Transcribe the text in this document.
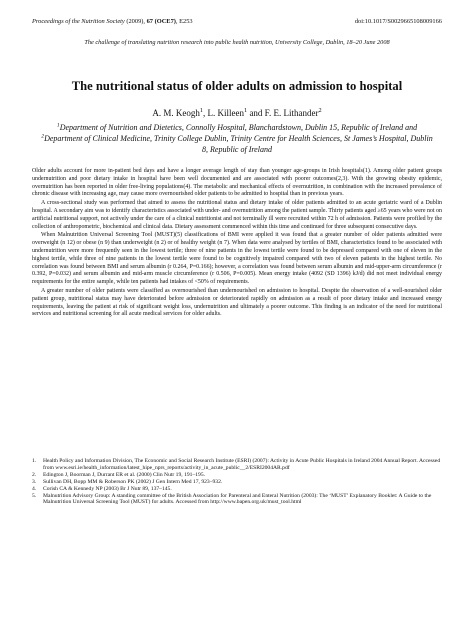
Proceedings of the Nutrition Society (2009), 67 (OCE7), E253	doi:10.1017/S0029665108009166
The challenge of translating nutrition research into public health nutrition, University College, Dublin, 18–20 June 2008
The nutritional status of older adults on admission to hospital
A. M. Keogh$^1$, L. Killeen$^1$ and F. E. Lithander$^2$
$^1$Department of Nutrition and Dietetics, Connolly Hospital, Blanchardstown, Dublin 15, Republic of Ireland and
$^2$Department of Clinical Medicine, Trinity College Dublin, Trinity Centre for Health Sciences, St James’s Hospital, Dublin 8, Republic of Ireland

Older adults account for more in-patient bed days and have a longer average length of stay than younger age-groups in Irish hospitals(1). Among older patient groups undernutrition and poor dietary intake in hospital have been well documented and are associated with poorer outcomes(2,3). With the growing obesity epidemic, overnutrition has been reported in older free-living populations(4). The metabolic and mechanical effects of overnutrition, in combination with the increased prevalence of chronic disease with increasing age, may cause more overnourished older patients to be admitted to hospital than in previous years.

A cross-sectional study was performed that aimed to assess the nutritional status and dietary intake of older patients admitted to an acute geriatric ward of a Dublin hospital. A secondary aim was to identify characteristics associated with under- and overnutrition among the patient sample. Thirty patients aged ≥65 years who were not on artificial nutritional support, not actively under the care of a clinical nutritionist and not terminally ill were recruited within 72 h of admission. Patients were profiled by the collection of anthropometric, biochemical and clinical data. Dietary assessment commenced within this time and continued for three subsequent consecutive days.

When Malnutrition Universal Screening Tool (MUST)(5) classifications of BMI were applied it was found that a greater number of older patients admitted were overweight (n 12) or obese (n 9) than underweight (n 2) or of healthy weight (n 7). When data were analysed by tertiles of BMI, characteristics found to be associated with undernutrition were more frequently seen in the lowest tertile; three of nine patients in the lowest tertile were found to be depressed compared with one of eleven in the highest tertile, while three of nine patients in the lowest tertile were found to be cognitively impaired compared with two of eleven patients in the highest tertile. No correlation was found between BMI and serum albumin (r 0.264, P=0.166); however, a correlation was found between serum albumin and mid-upper-arm circumference (r 0.392, P=0.032) and serum albumin and mid-arm muscle circumference (r 0.506, P=0.005). Mean energy intake (4092 (SD 1396) kJ/d) did not meet individual energy requirements for the entire sample, while ten patients had intakes of <50% of requirements.

A greater number of older patients were classified as overnourished than undernourished on admission to hospital. Despite the observation of a well-nourished older patient group, nutritional status may have deteriorated before admission or deteriorated rapidly on admission as a result of poor dietary intake and increased energy requirements, leaving the patient at risk of significant weight loss, undernutrition and ultimately a poorer outcome. This finding is an indicator of the need for nutritional services and nutritional screening for all acute medical services for older adults.

1. Health Policy and Information Division, The Economic and Social Research Institute (ESRI) (2007): Activity in Acute Public Hospitals in Ireland 2004 Annual Report. Accessed from www.esri.ie/health_information/latest_hipe_nprs_reports/activity_in_acute_public__2/ESRI2004AR.pdf
2. Edington J, Boorman J, Durrant ER et al. (2000) Clin Nutr 19, 191–195.
3. Sullivan DH, Bopp MM & Roberson PK (2002) J Gen Intern Med 17, 923–932.
4. Corish CA & Kennedy NP (2003) Br J Nutr 89, 137–145.
5. Malnutrition Advisory Group: A standing committee of the British Association for Parenteral and Enteral Nutrition (2003): The ‘MUST’ Explanatory Booklet: A Guide to the Malnutrition Universal Screening Tool (MUST) for adults. Accessed from http://www.bapen.org.uk/must_tool.html
